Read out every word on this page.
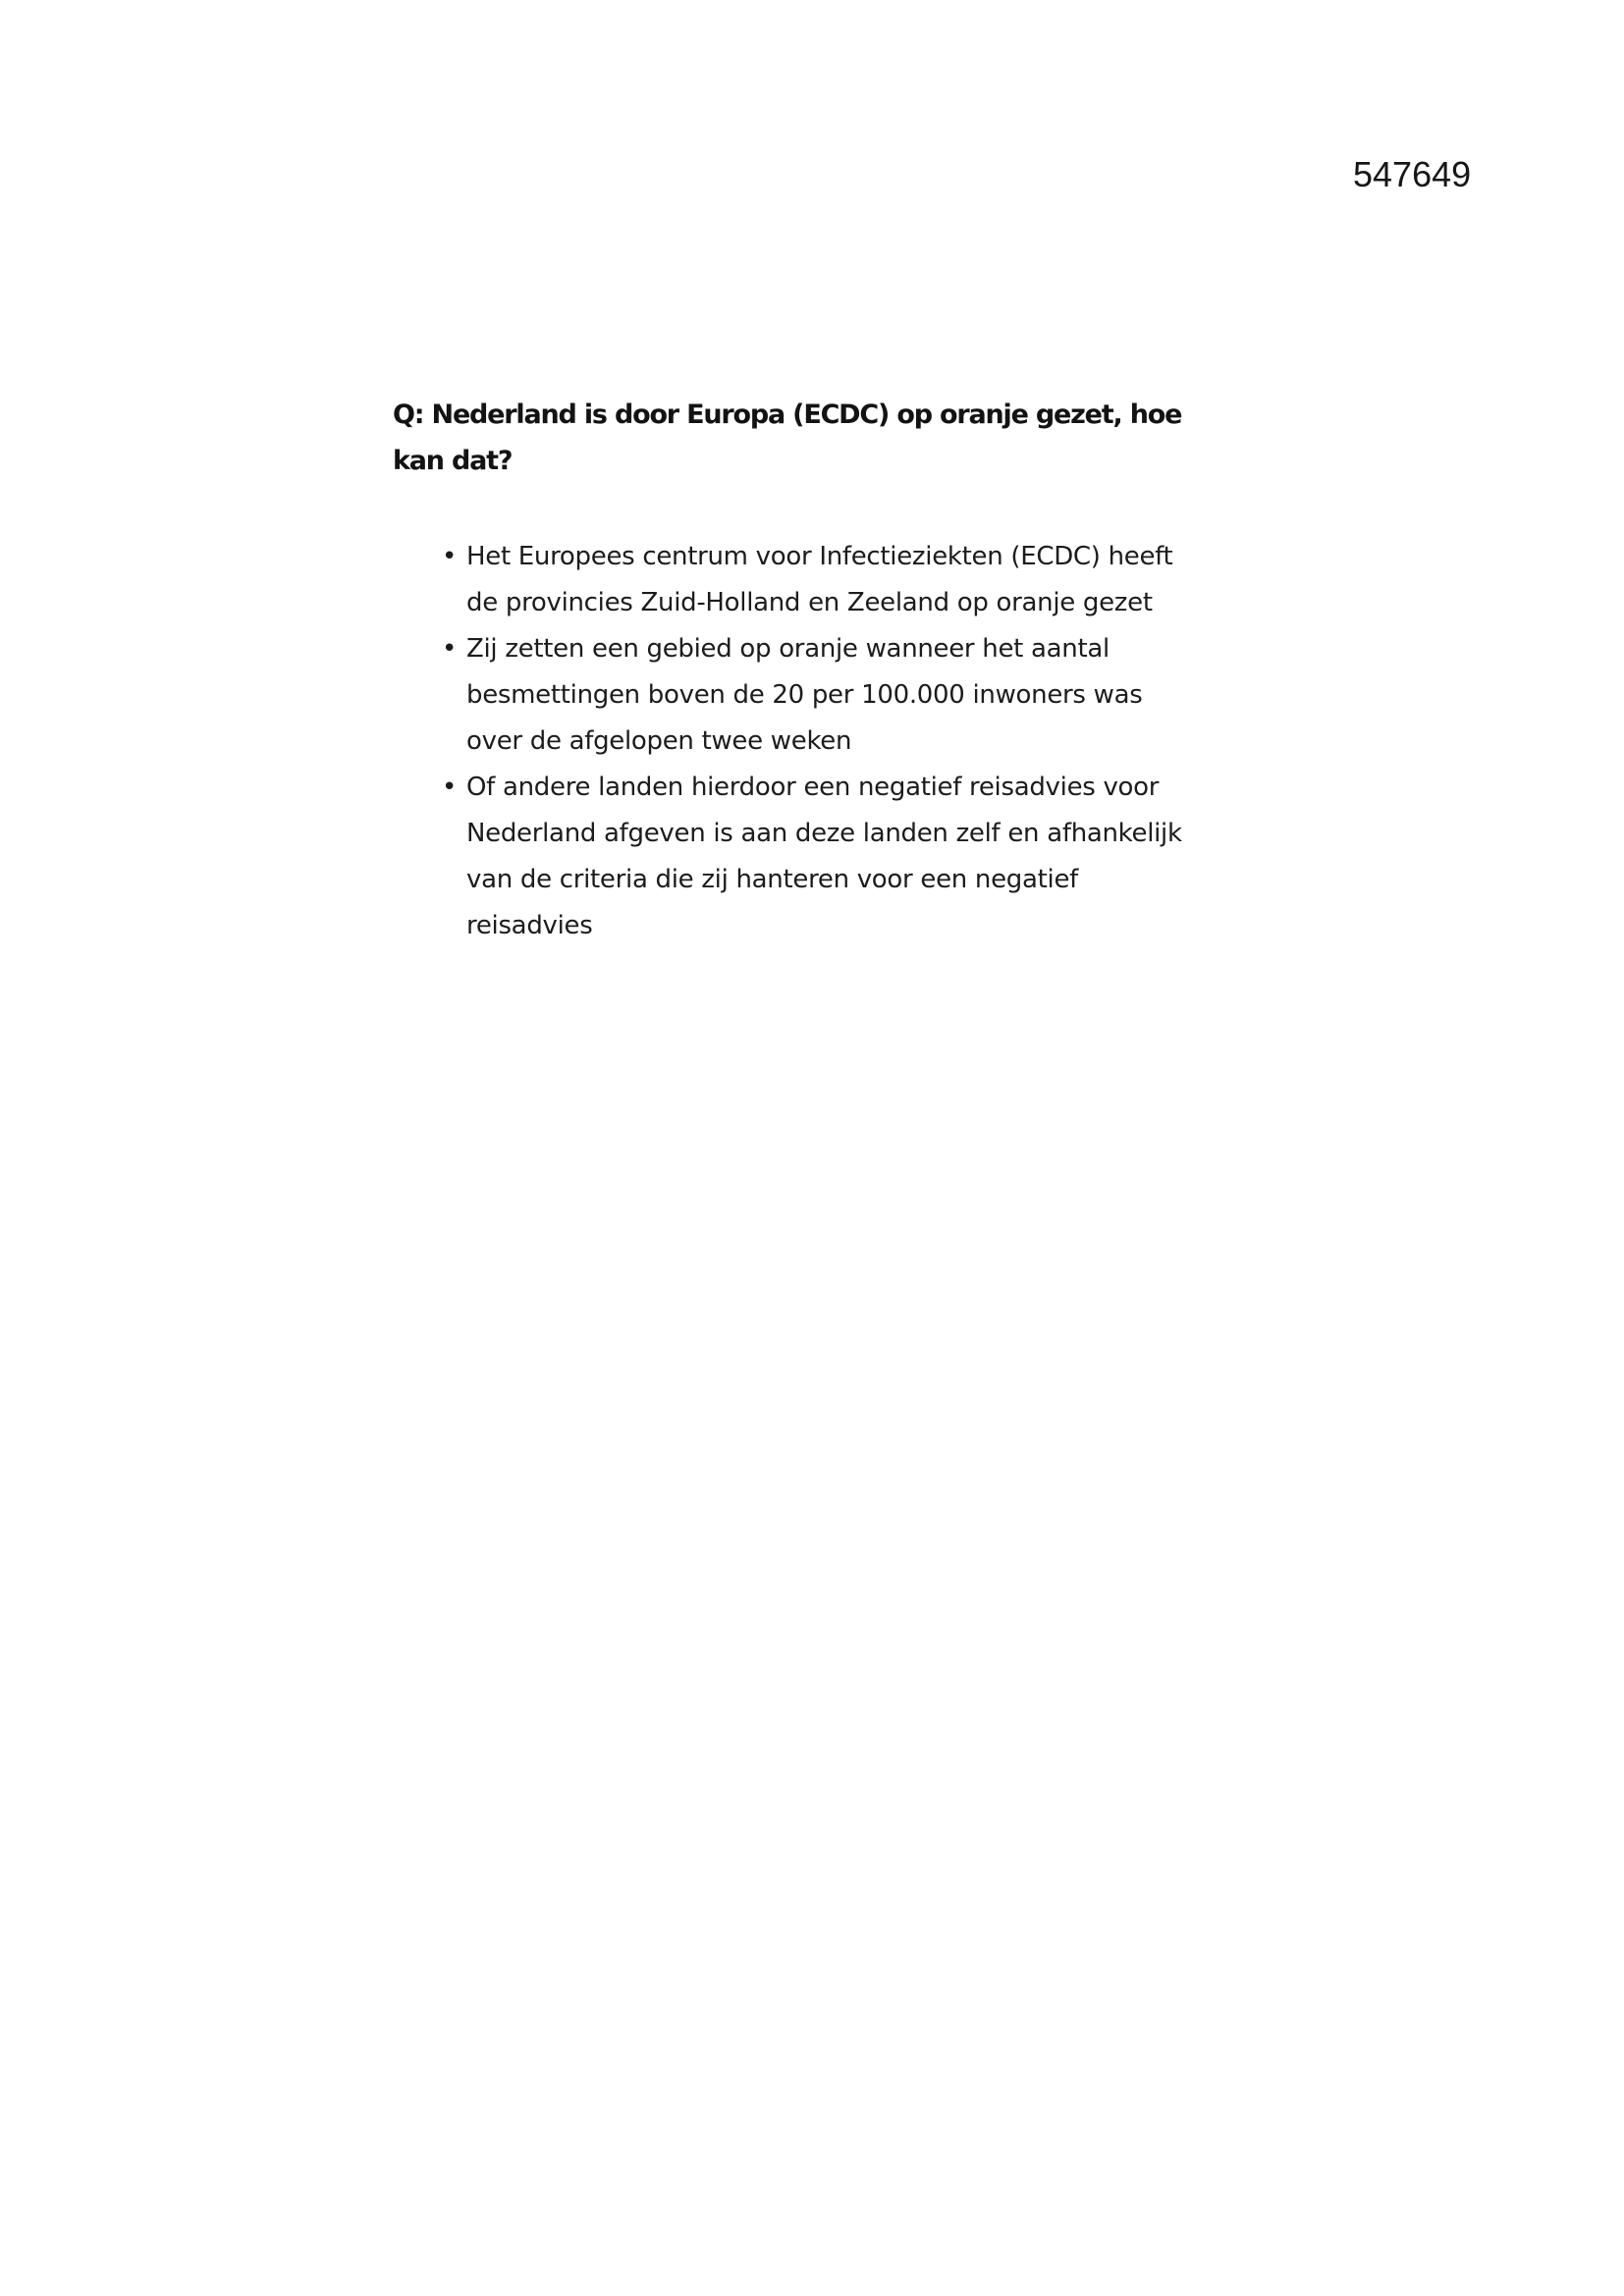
547649
Q: Nederland is door Europa (ECDC) op oranje gezet, hoe
kan dat?
• Het Europees centrum voor Infectieziekten (ECDC) heeft
de provincies Zuid-Holland en Zeeland op oranje gezet
• Zij zetten een gebied op oranje wanneer het aantal
besmettingen boven de 20 per 100.000 inwoners was
over de afgelopen twee weken
• Of andere landen hierdoor een negatief reisadvies voor
Nederland afgeven is aan deze landen zelf en afhankelijk
van de criteria die zij hanteren voor een negatief
reisadvies
